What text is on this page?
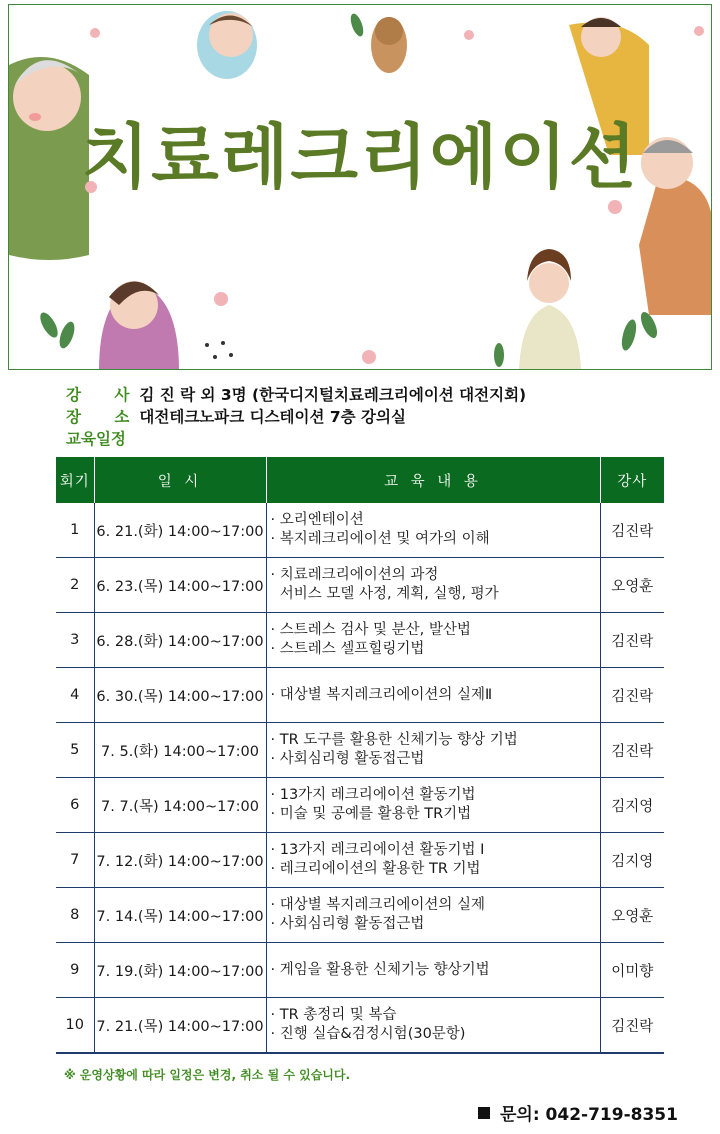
치료레크리에이션
강 사 김 진 락 외 3명 (한국디지털치료레크리에이션 대전지회)
장 소 대전테크노파크 디스테이션 7층 강의실
교육일정
회기	일 시	교 육 내 용	강사
1	6. 21.(화) 14:00~17:00	· 오리엔테이션
· 복지레크리에이션 및 여가의 이해	김진락
2	6. 23.(목) 14:00~17:00	· 치료레크리에이션의 과정
서비스 모델 사정, 계획, 실행, 평가	오영훈
3	6. 28.(화) 14:00~17:00	· 스트레스 검사 및 분산, 발산법
· 스트레스 셀프힐링기법	김진락
4	6. 30.(목) 14:00~17:00	· 대상별 복지레크리에이션의 실제Ⅱ	김진락
5	7. 5.(화) 14:00~17:00	· TR 도구를 활용한 신체기능 향상 기법
· 사회심리형 활동접근법	김진락
6	7. 7.(목) 14:00~17:00	· 13가지 레크리에이션 활동기법
· 미술 및 공예를 활용한 TR기법	김지영
7	7. 12.(화) 14:00~17:00	· 13가지 레크리에이션 활동기법 Ⅰ
· 레크리에이션의 활용한 TR 기법	김지영
8	7. 14.(목) 14:00~17:00	· 대상별 복지레크리에이션의 실제
· 사회심리형 활동접근법	오영훈
9	7. 19.(화) 14:00~17:00	· 게임을 활용한 신체기능 향상기법	이미향
10	7. 21.(목) 14:00~17:00	· TR 총정리 및 복습
· 진행 실습&검정시험(30문항)	김진락
※ 운영상황에 따라 일정은 변경, 취소 될 수 있습니다.
문의: 042-719-8351
